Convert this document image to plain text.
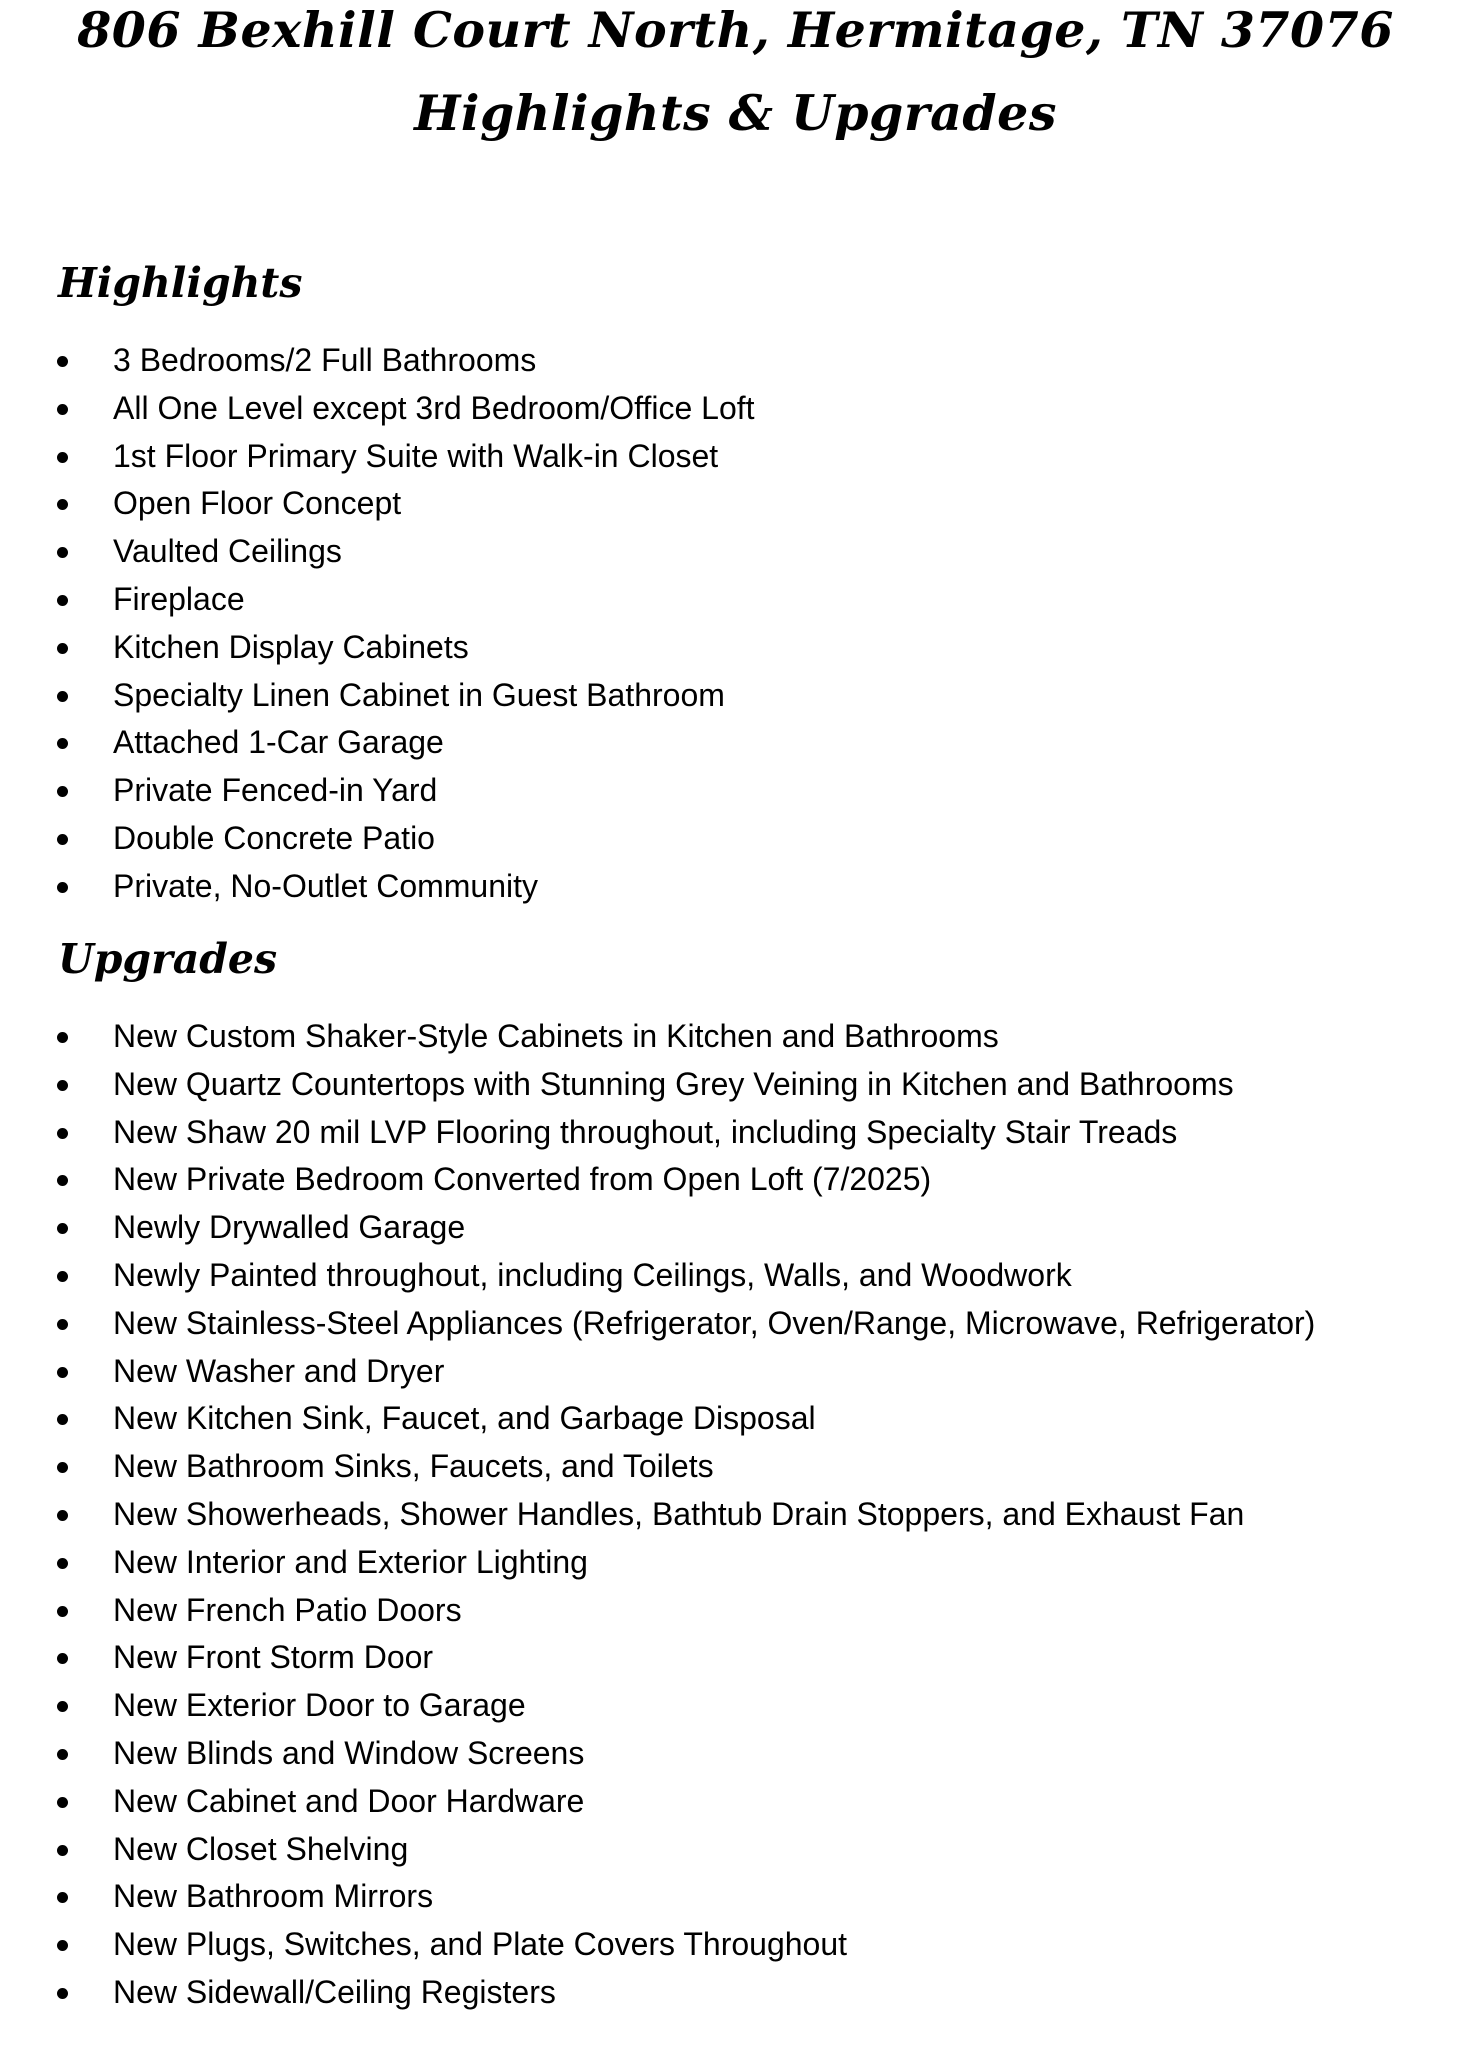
806 Bexhill Court North, Hermitage, TN 37076
Highlights & Upgrades
Highlights
3 Bedrooms/2 Full Bathrooms
All One Level except 3rd Bedroom/Office Loft
1st Floor Primary Suite with Walk-in Closet
Open Floor Concept
Vaulted Ceilings
Fireplace
Kitchen Display Cabinets
Specialty Linen Cabinet in Guest Bathroom
Attached 1-Car Garage
Private Fenced-in Yard
Double Concrete Patio
Private, No-Outlet Community
Upgrades
New Custom Shaker-Style Cabinets in Kitchen and Bathrooms
New Quartz Countertops with Stunning Grey Veining in Kitchen and Bathrooms
New Shaw 20 mil LVP Flooring throughout, including Specialty Stair Treads
New Private Bedroom Converted from Open Loft (7/2025)
Newly Drywalled Garage
Newly Painted throughout, including Ceilings, Walls, and Woodwork
New Stainless-Steel Appliances (Refrigerator, Oven/Range, Microwave, Refrigerator)
New Washer and Dryer
New Kitchen Sink, Faucet, and Garbage Disposal
New Bathroom Sinks, Faucets, and Toilets
New Showerheads, Shower Handles, Bathtub Drain Stoppers, and Exhaust Fan
New Interior and Exterior Lighting
New French Patio Doors
New Front Storm Door
New Exterior Door to Garage
New Blinds and Window Screens
New Cabinet and Door Hardware
New Closet Shelving
New Bathroom Mirrors
New Plugs, Switches, and Plate Covers Throughout
New Sidewall/Ceiling Registers
